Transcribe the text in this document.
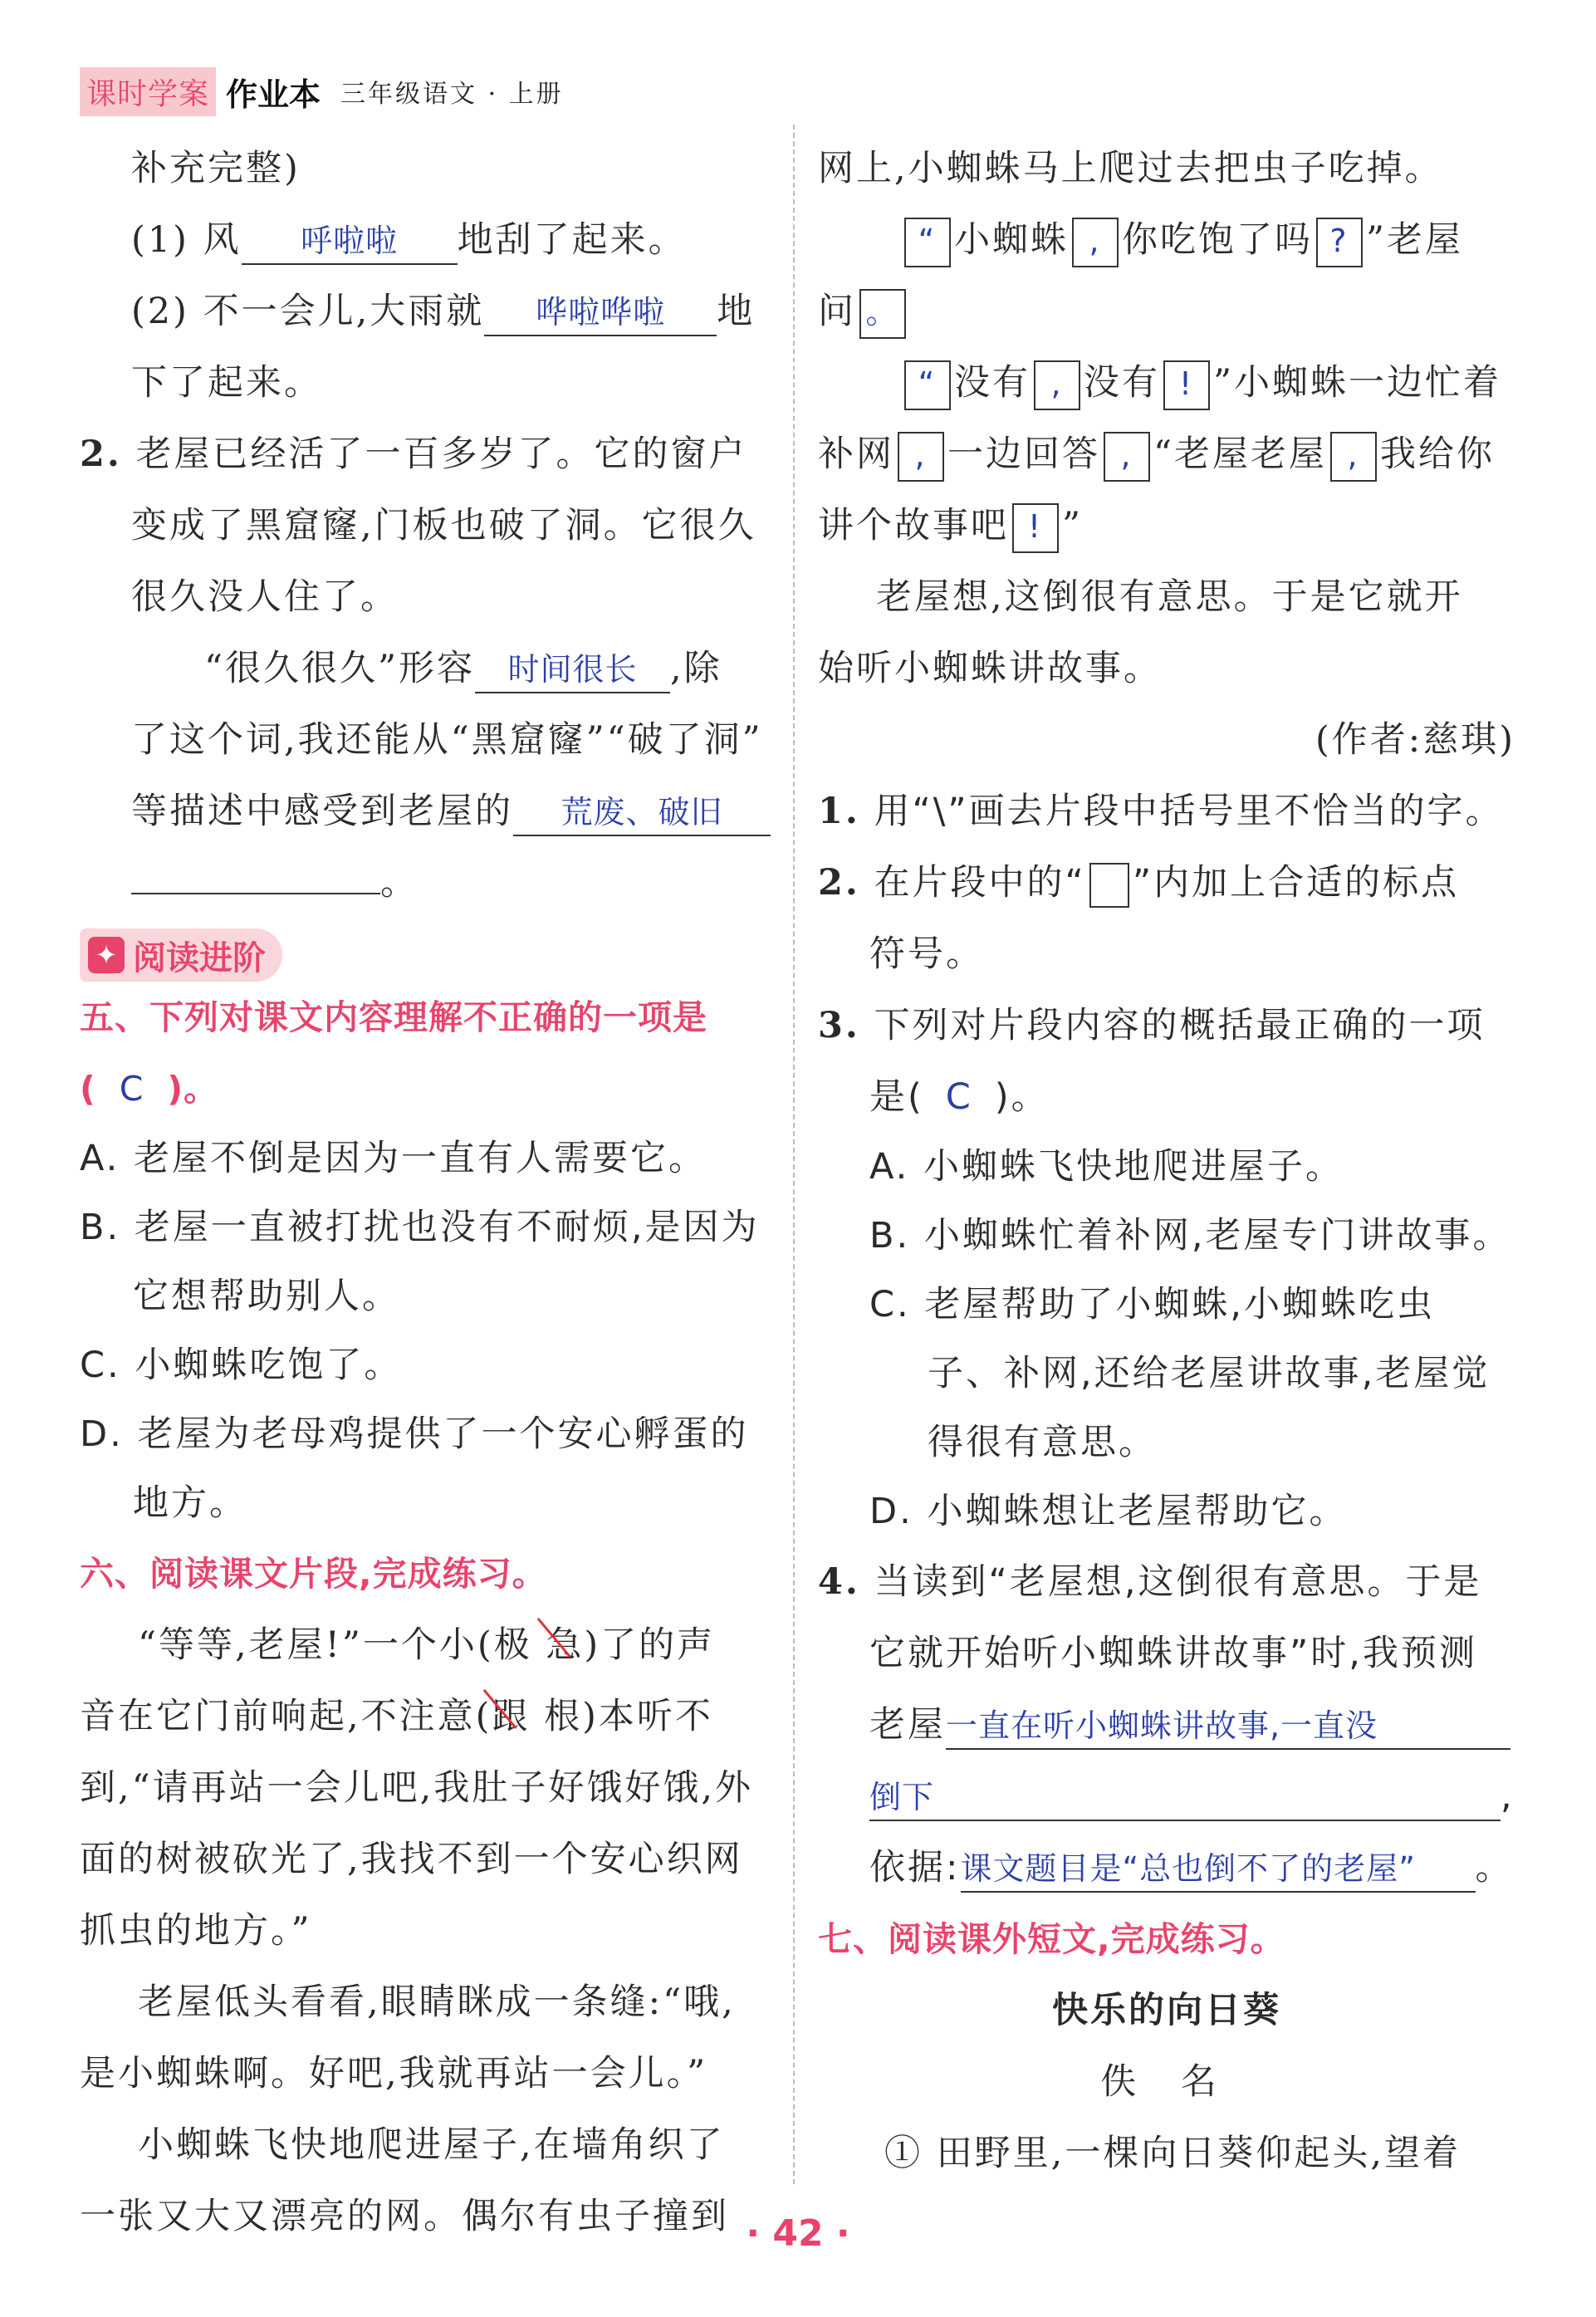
课时学案 作业本 三年级语文 · 上册
补充完整)
(1) 风 呼啦啦 地刮了起来。
(2) 不一会儿,大雨就 哗啦哗啦 地
下了起来。
2. 老屋已经活了一百多岁了。它的窗户
变成了黑窟窿,门板也破了洞。它很久
很久没人住了。
“很久很久”形容 时间很长 ,除
了这个词,我还能从“黑窟窿”“破了洞”
等描述中感受到老屋的 荒废、破旧
。
✦ 阅读进阶
五、下列对课文内容理解不正确的一项是
( C )。
A. 老屋不倒是因为一直有人需要它。
B. 老屋一直被打扰也没有不耐烦,是因为
它想帮助别人。
C. 小蜘蛛吃饱了。
D. 老屋为老母鸡提供了一个安心孵蛋的
地方。
六、阅读课文片段,完成练习。
“等等,老屋!”一个小(极 急)了的声
音在它门前响起,不注意(跟 根)本听不
到,“请再站一会儿吧,我肚子好饿好饿,外
面的树被砍光了,我找不到一个安心织网
抓虫的地方。”
老屋低头看看,眼睛眯成一条缝:“哦,
是小蜘蛛啊。好吧,我就再站一会儿。”
小蜘蛛飞快地爬进屋子,在墙角织了
一张又大又漂亮的网。偶尔有虫子撞到
网上,小蜘蛛马上爬过去把虫子吃掉。
“ 小蜘蛛 , 你吃饱了吗 ? ”老屋
问 。
“ 没有 , 没有 ! ”小蜘蛛一边忙着
补网 , 一边回答 , “老屋老屋 , 我给你
讲个故事吧 ! ”
老屋想,这倒很有意思。于是它就开
始听小蜘蛛讲故事。
(作者:慈琪)
1. 用“\”画去片段中括号里不恰当的字。
2. 在片段中的“ ”内加上合适的标点
符号。
3. 下列对片段内容的概括最正确的一项
是( C )。
A. 小蜘蛛飞快地爬进屋子。
B. 小蜘蛛忙着补网,老屋专门讲故事。
C. 老屋帮助了小蜘蛛,小蜘蛛吃虫
子、补网,还给老屋讲故事,老屋觉
得很有意思。
D. 小蜘蛛想让老屋帮助它。
4. 当读到“老屋想,这倒很有意思。于是
它就开始听小蜘蛛讲故事”时,我预测
老屋一直在听小蜘蛛讲故事,一直没
倒下	,
依据:课文题目是“总也倒不了的老屋” 。
七、阅读课外短文,完成练习。
快乐的向日葵
佚 名
① 田野里,一棵向日葵仰起头,望着
· 42 ·
